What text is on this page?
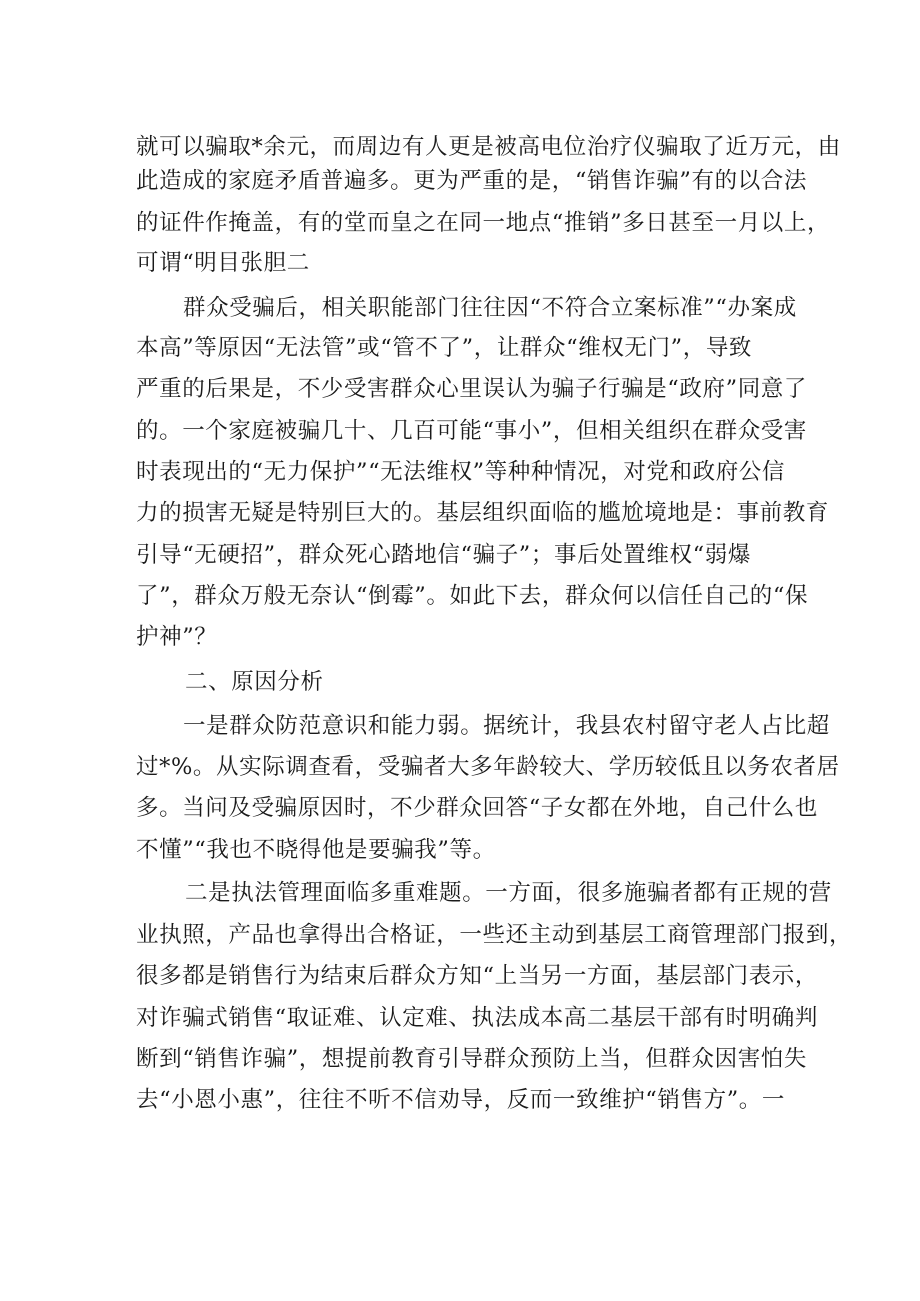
就可以骗取*余元，而周边有人更是被高电位治疗仪骗取了近万元，由
此造成的家庭矛盾普遍多。更为严重的是，“销售诈骗”有的以合法
的证件作掩盖，有的堂而皇之在同一地点“推销”多日甚至一月以上，
可谓“明目张胆二
群众受骗后，相关职能部门往往因“不符合立案标准”“办案成
本高”等原因“无法管”或“管不了”，让群众“维权无门”，导致
严重的后果是，不少受害群众心里误认为骗子行骗是“政府”同意了
的。一个家庭被骗几十、几百可能“事小”，但相关组织在群众受害
时表现出的“无力保护”“无法维权”等种种情况，对党和政府公信
力的损害无疑是特别巨大的。基层组织面临的尴尬境地是：事前教育
引导“无硬招”，群众死心踏地信“骗子”；事后处置维权“弱爆
了”，群众万般无奈认“倒霉”。如此下去，群众何以信任自己的“保
护神”？
二、原因分析
一是群众防范意识和能力弱。据统计，我县农村留守老人占比超
过*%。从实际调查看，受骗者大多年龄较大、学历较低且以务农者居
多。当问及受骗原因时，不少群众回答“子女都在外地，自己什么也
不懂”“我也不晓得他是要骗我”等。
二是执法管理面临多重难题。一方面，很多施骗者都有正规的营
业执照，产品也拿得出合格证，一些还主动到基层工商管理部门报到，
很多都是销售行为结束后群众方知“上当另一方面，基层部门表示，
对诈骗式销售“取证难、认定难、执法成本高二基层干部有时明确判
断到“销售诈骗”，想提前教育引导群众预防上当，但群众因害怕失
去“小恩小惠”，往往不听不信劝导，反而一致维护“销售方”。一
